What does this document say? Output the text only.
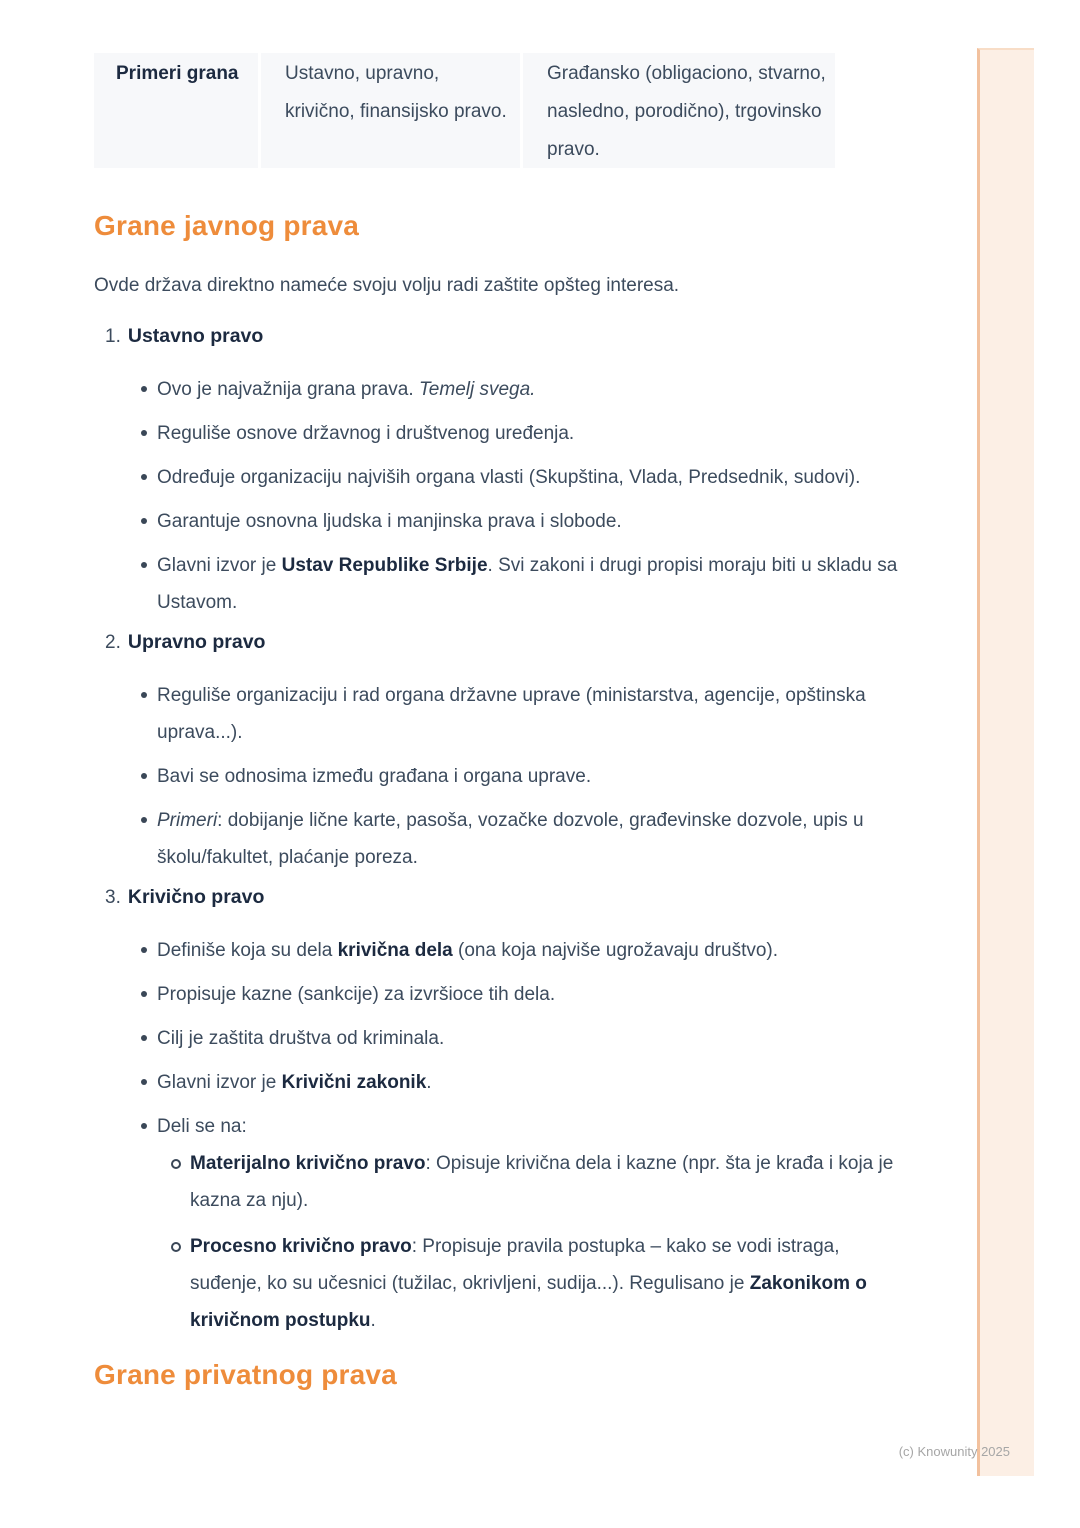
Primeri grana	Ustavno, upravno, krivično, finansijsko pravo.
Građansko (obligaciono, stvarno, nasledno, porodično), trgovinsko pravo.
Grane javnog prava

Ovde država direktno nameće svoju volju radi zaštite opšteg interesa.

1. Ustavno pravo
Ovo je najvažnija grana prava. Temelj svega.
Reguliše osnove državnog i društvenog uređenja.
Određuje organizaciju najviših organa vlasti (Skupština, Vlada, Predsednik, sudovi).
Garantuje osnovna ljudska i manjinska prava i slobode.
Glavni izvor je Ustav Republike Srbije. Svi zakoni i drugi propisi moraju biti u skladu sa Ustavom.
2. Upravno pravo
Reguliše organizaciju i rad organa državne uprave (ministarstva, agencije, opštinska uprava...).
Bavi se odnosima između građana i organa uprave.
Primeri: dobijanje lične karte, pasoša, vozačke dozvole, građevinske dozvole, upis u školu/fakultet, plaćanje poreza.
3. Krivično pravo
Definiše koja su dela krivična dela (ona koja najviše ugrožavaju društvo).
Propisuje kazne (sankcije) za izvršioce tih dela.
Cilj je zaštita društva od kriminala.
Glavni izvor je Krivični zakonik.
Deli se na:
Materijalno krivično pravo: Opisuje krivična dela i kazne (npr. šta je krađa i koja je kazna za nju).
Procesno krivično pravo: Propisuje pravila postupka – kako se vodi istraga, suđenje, ko su učesnici (tužilac, okrivljeni, sudija...). Regulisano je Zakonikom o krivičnom postupku.
Grane privatnog prava
(c) Knowunity 2025
